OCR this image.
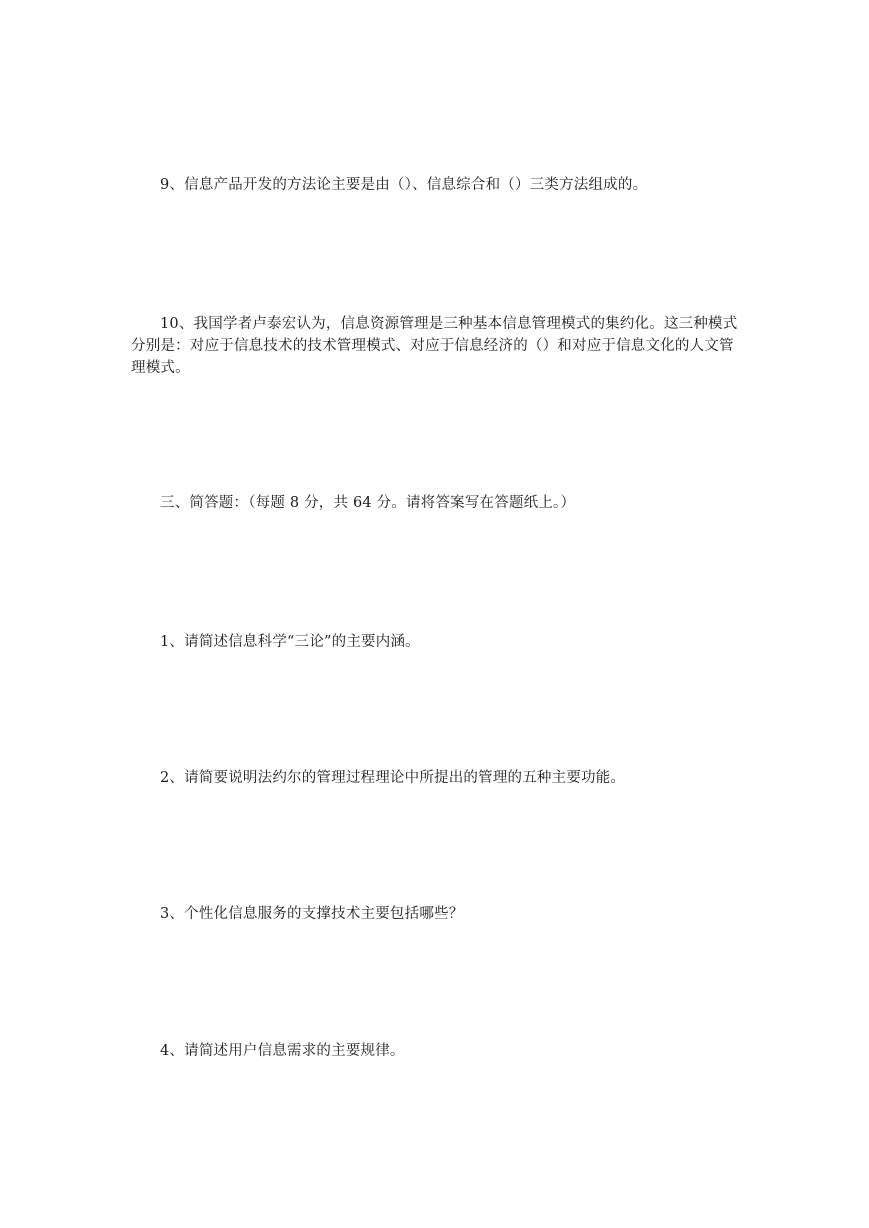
9、信息产品开发的方法论主要是由（）、信息综合和（）三类方法组成的。

10、我国学者卢泰宏认为，信息资源管理是三种基本信息管理模式的集约化。这三种模式分别是：对应于信息技术的技术管理模式、对应于信息经济的（）和对应于信息文化的人文管理模式。

三、简答题：（每题 8 分，共 64 分。请将答案写在答题纸上。）

1、请简述信息科学“三论”的主要内涵。

2、请简要说明法约尔的管理过程理论中所提出的管理的五种主要功能。

3、个性化信息服务的支撑技术主要包括哪些？

4、请简述用户信息需求的主要规律。
